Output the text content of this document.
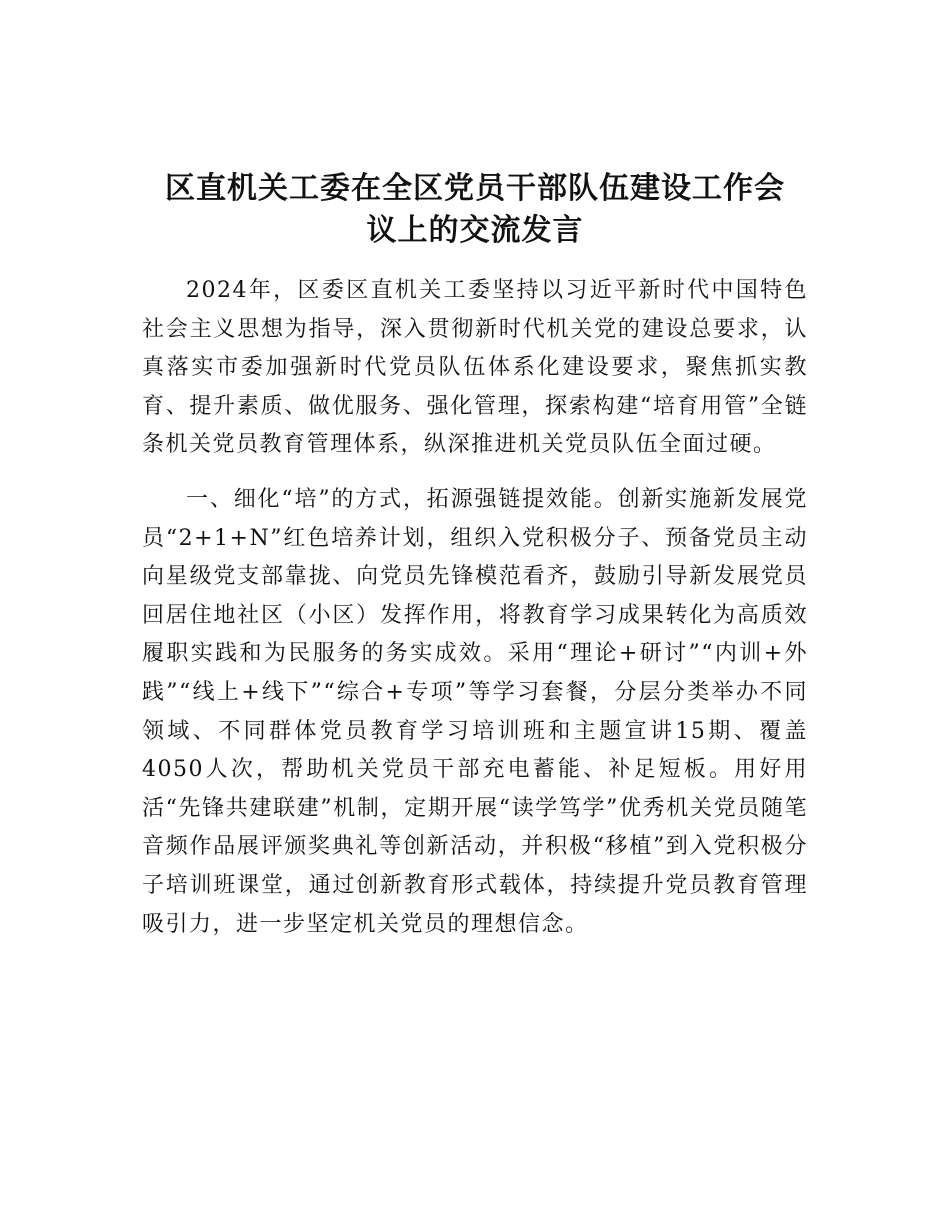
区直机关工委在全区党员干部队伍建设工作会
议上的交流发言

2024年，区委区直机关工委坚持以习近平新时代中国特色社会主义思想为指导，深入贯彻新时代机关党的建设总要求，认真落实市委加强新时代党员队伍体系化建设要求，聚焦抓实教育、提升素质、做优服务、强化管理，探索构建“培育用管”全链条机关党员教育管理体系，纵深推进机关党员队伍全面过硬。

一、细化“培”的方式，拓源强链提效能。创新实施新发展党员“2+1+N”红色培养计划，组织入党积极分子、预备党员主动向星级党支部靠拢、向党员先锋模范看齐，鼓励引导新发展党员回居住地社区（小区）发挥作用，将教育学习成果转化为高质效履职实践和为民服务的务实成效。采用“理论+研讨”“内训+外践”“线上+线下”“综合+专项”等学习套餐，分层分类举办不同领域、不同群体党员教育学习培训班和主题宣讲15期、覆盖4050人次，帮助机关党员干部充电蓄能、补足短板。用好用活“先锋共建联建”机制，定期开展“读学笃学”优秀机关党员随笔音频作品展评颁奖典礼等创新活动，并积极“移植”到入党积极分子培训班课堂，通过创新教育形式载体，持续提升党员教育管理吸引力，进一步坚定机关党员的理想信念。
